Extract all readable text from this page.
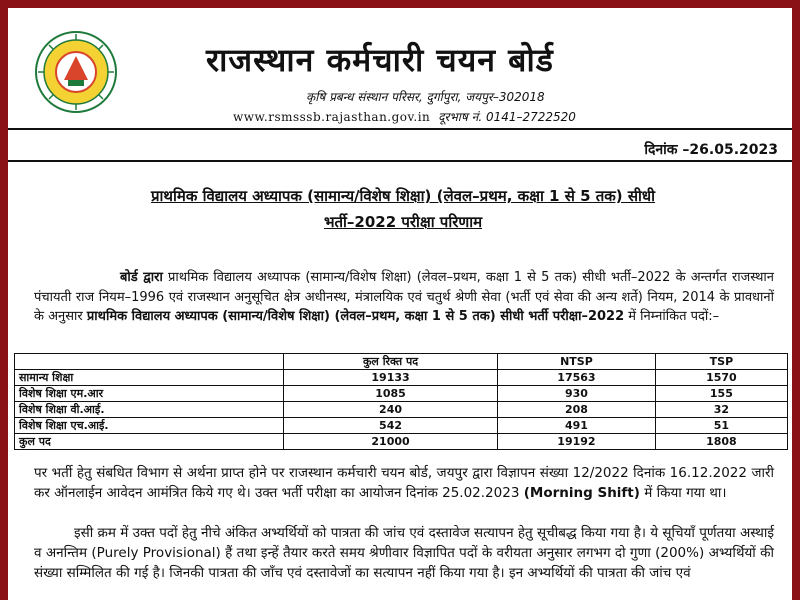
राजस्थान कर्मचारी चयन बोर्ड
कृषि प्रबन्ध संस्थान परिसर, दुर्गापुरा, जयपुर–302018
www.rsmsssb.rajasthan.gov.in दूरभाष नं. 0141–2722520
दिनांक –26.05.2023
प्राथमिक विद्यालय अध्यापक (सामान्य/विशेष शिक्षा) (लेवल–प्रथम, कक्षा 1 से 5 तक) सीधी
भर्ती–2022 परीक्षा परिणाम
बोर्ड द्वारा प्राथमिक विद्यालय अध्यापक (सामान्य/विशेष शिक्षा) (लेवल–प्रथम, कक्षा 1 से 5 तक) सीधी भर्ती–2022 के अन्तर्गत राजस्थान पंचायती राज नियम–1996 एवं राजस्थान अनुसूचित क्षेत्र अधीनस्थ, मंत्रालयिक एवं चतुर्थ श्रेणी सेवा (भर्ती एवं सेवा की अन्य शर्ते) नियम, 2014 के प्रावधानों के अनुसार प्राथमिक विद्यालय अध्यापक (सामान्य/विशेष शिक्षा) (लेवल–प्रथम, कक्षा 1 से 5 तक) सीधी भर्ती परीक्षा–2022 में निम्नांकित पदों:–
	कुल रिक्त पद	NTSP	TSP
सामान्य शिक्षा	19133	17563	1570
विशेष शिक्षा एम.आर	1085	930	155
विशेष शिक्षा वी.आई.	240	208	32
विशेष शिक्षा एच.आई.	542	491	51
कुल पद	21000	19192	1808
पर भर्ती हेतु संबधित विभाग से अर्थना प्राप्त होने पर राजस्थान कर्मचारी चयन बोर्ड, जयपुर द्वारा विज्ञापन संख्या 12/2022 दिनांक 16.12.2022 जारी कर ऑनलाईन आवेदन आमंत्रित किये गए थे। उक्त भर्ती परीक्षा का आयोजन दिनांक 25.02.2023 (Morning Shift) में किया गया था।
इसी क्रम में उक्त पदों हेतु नीचे अंकित अभ्यर्थियों को पात्रता की जांच एवं दस्तावेज सत्यापन हेतु सूचीबद्ध किया गया है। ये सूचियाँ पूर्णतया अस्थाई व अनन्तिम (Purely Provisional) हैं तथा इन्हें तैयार करते समय श्रेणीवार विज्ञापित पदों के वरीयता अनुसार लगभग दो गुणा (200%) अभ्यर्थियों की संख्या सम्मिलित की गई है। जिनकी पात्रता की जाँच एवं दस्तावेजों का सत्यापन नहीं किया गया है। इन अभ्यर्थियों की पात्रता की जांच एवं
